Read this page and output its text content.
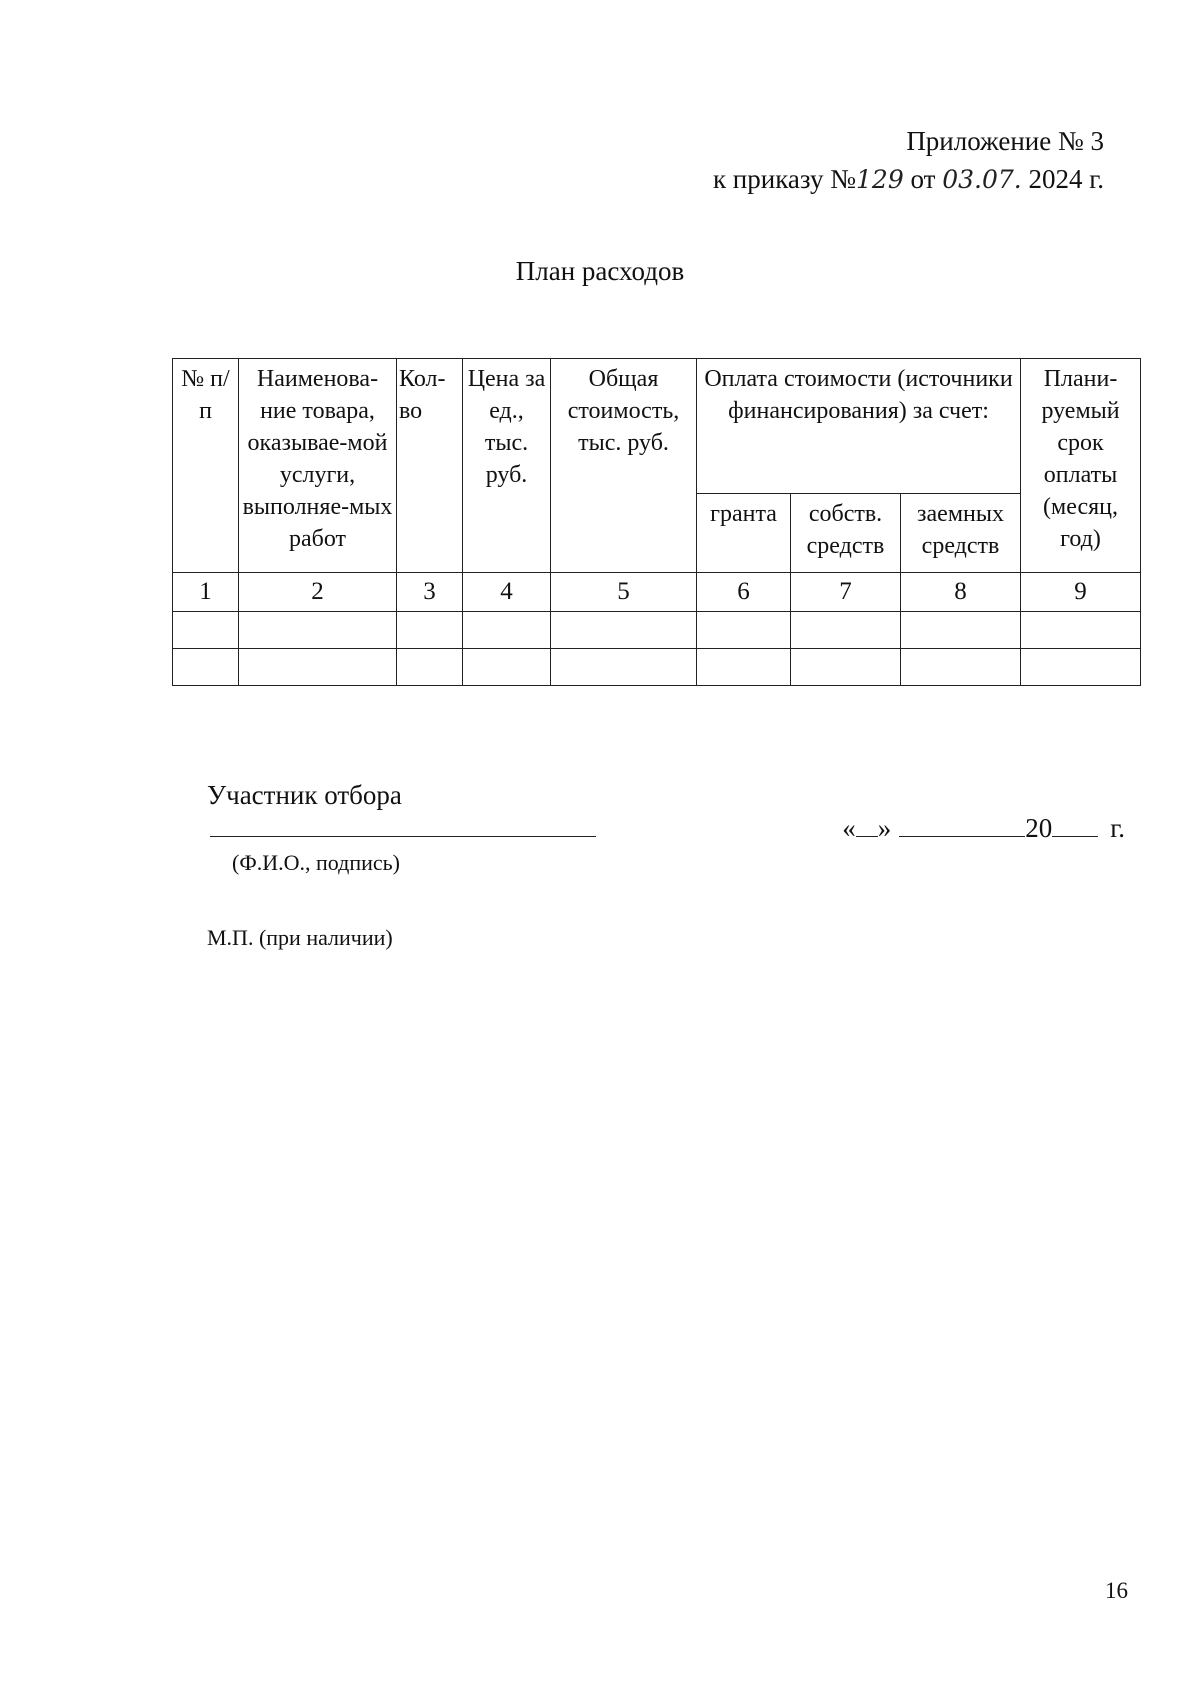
Приложение № 3
к приказу №129 от 03.07. 2024 г.
План расходов
№ п/п	Наименова-ние товара, оказывае-мой услуги, выполняе-мых работ	Кол-во	Цена за ед., тыс. руб.	Общая стоимость, тыс. руб.	Оплата стоимости (источники финансирования) за счет:			Плани-руемый срок оплаты (месяц, год)
					гранта	собств. средств	заемных средств	
1	2	3	4	5	6	7	8	9

Участник отбора
(Ф.И.О., подпись)
М.П. (при наличии)
« »	20 г.
16
